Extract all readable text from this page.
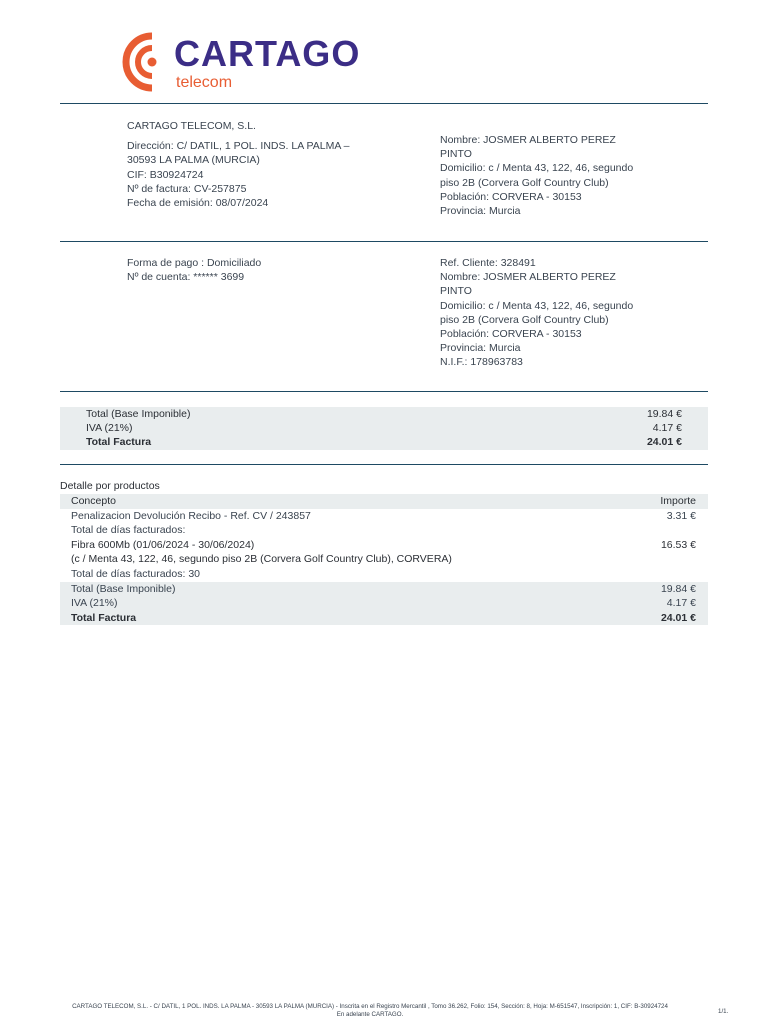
CARTAGO
telecom
CARTAGO TELECOM, S.L.
Dirección: C/ DATIL, 1 POL. INDS. LA PALMA –
30593 LA PALMA (MURCIA)
CIF: B30924724
Nº de factura: CV-257875
Fecha de emisión: 08/07/2024
Nombre: JOSMER ALBERTO PEREZ
PINTO
Domicilio: c / Menta 43, 122, 46, segundo
piso 2B (Corvera Golf Country Club)
Población: CORVERA - 30153
Provincia: Murcia
Forma de pago : Domiciliado
Nº de cuenta: ****** 3699
Ref. Cliente: 328491
Nombre: JOSMER ALBERTO PEREZ
PINTO
Domicilio: c / Menta 43, 122, 46, segundo
piso 2B (Corvera Golf Country Club)
Población: CORVERA - 30153
Provincia: Murcia
N.I.F.: 178963783
Total (Base Imponible)	19.84 €
IVA (21%)	4.17 €
Total Factura	24.01 €
Detalle por productos
Concepto	Importe
Penalizacion Devolución Recibo - Ref. CV / 243857	3.31 €
Total de días facturados:
Fibra 600Mb (01/06/2024 - 30/06/2024)	16.53 €
(c / Menta 43, 122, 46, segundo piso 2B (Corvera Golf Country Club), CORVERA)
Total de días facturados: 30
Total (Base Imponible)	19.84 €
IVA (21%)	4.17 €
Total Factura	24.01 €
CARTAGO TELECOM, S.L. - C/ DATIL, 1 POL. INDS. LA PALMA - 30593 LA PALMA (MURCIA) - Inscrita en el Registro Mercantil , Tomo 36.262, Folio: 154, Sección: 8, Hoja: M-651547, Inscripción: 1, CIF: B-30924724
En adelante CARTAGO.	1/1.
